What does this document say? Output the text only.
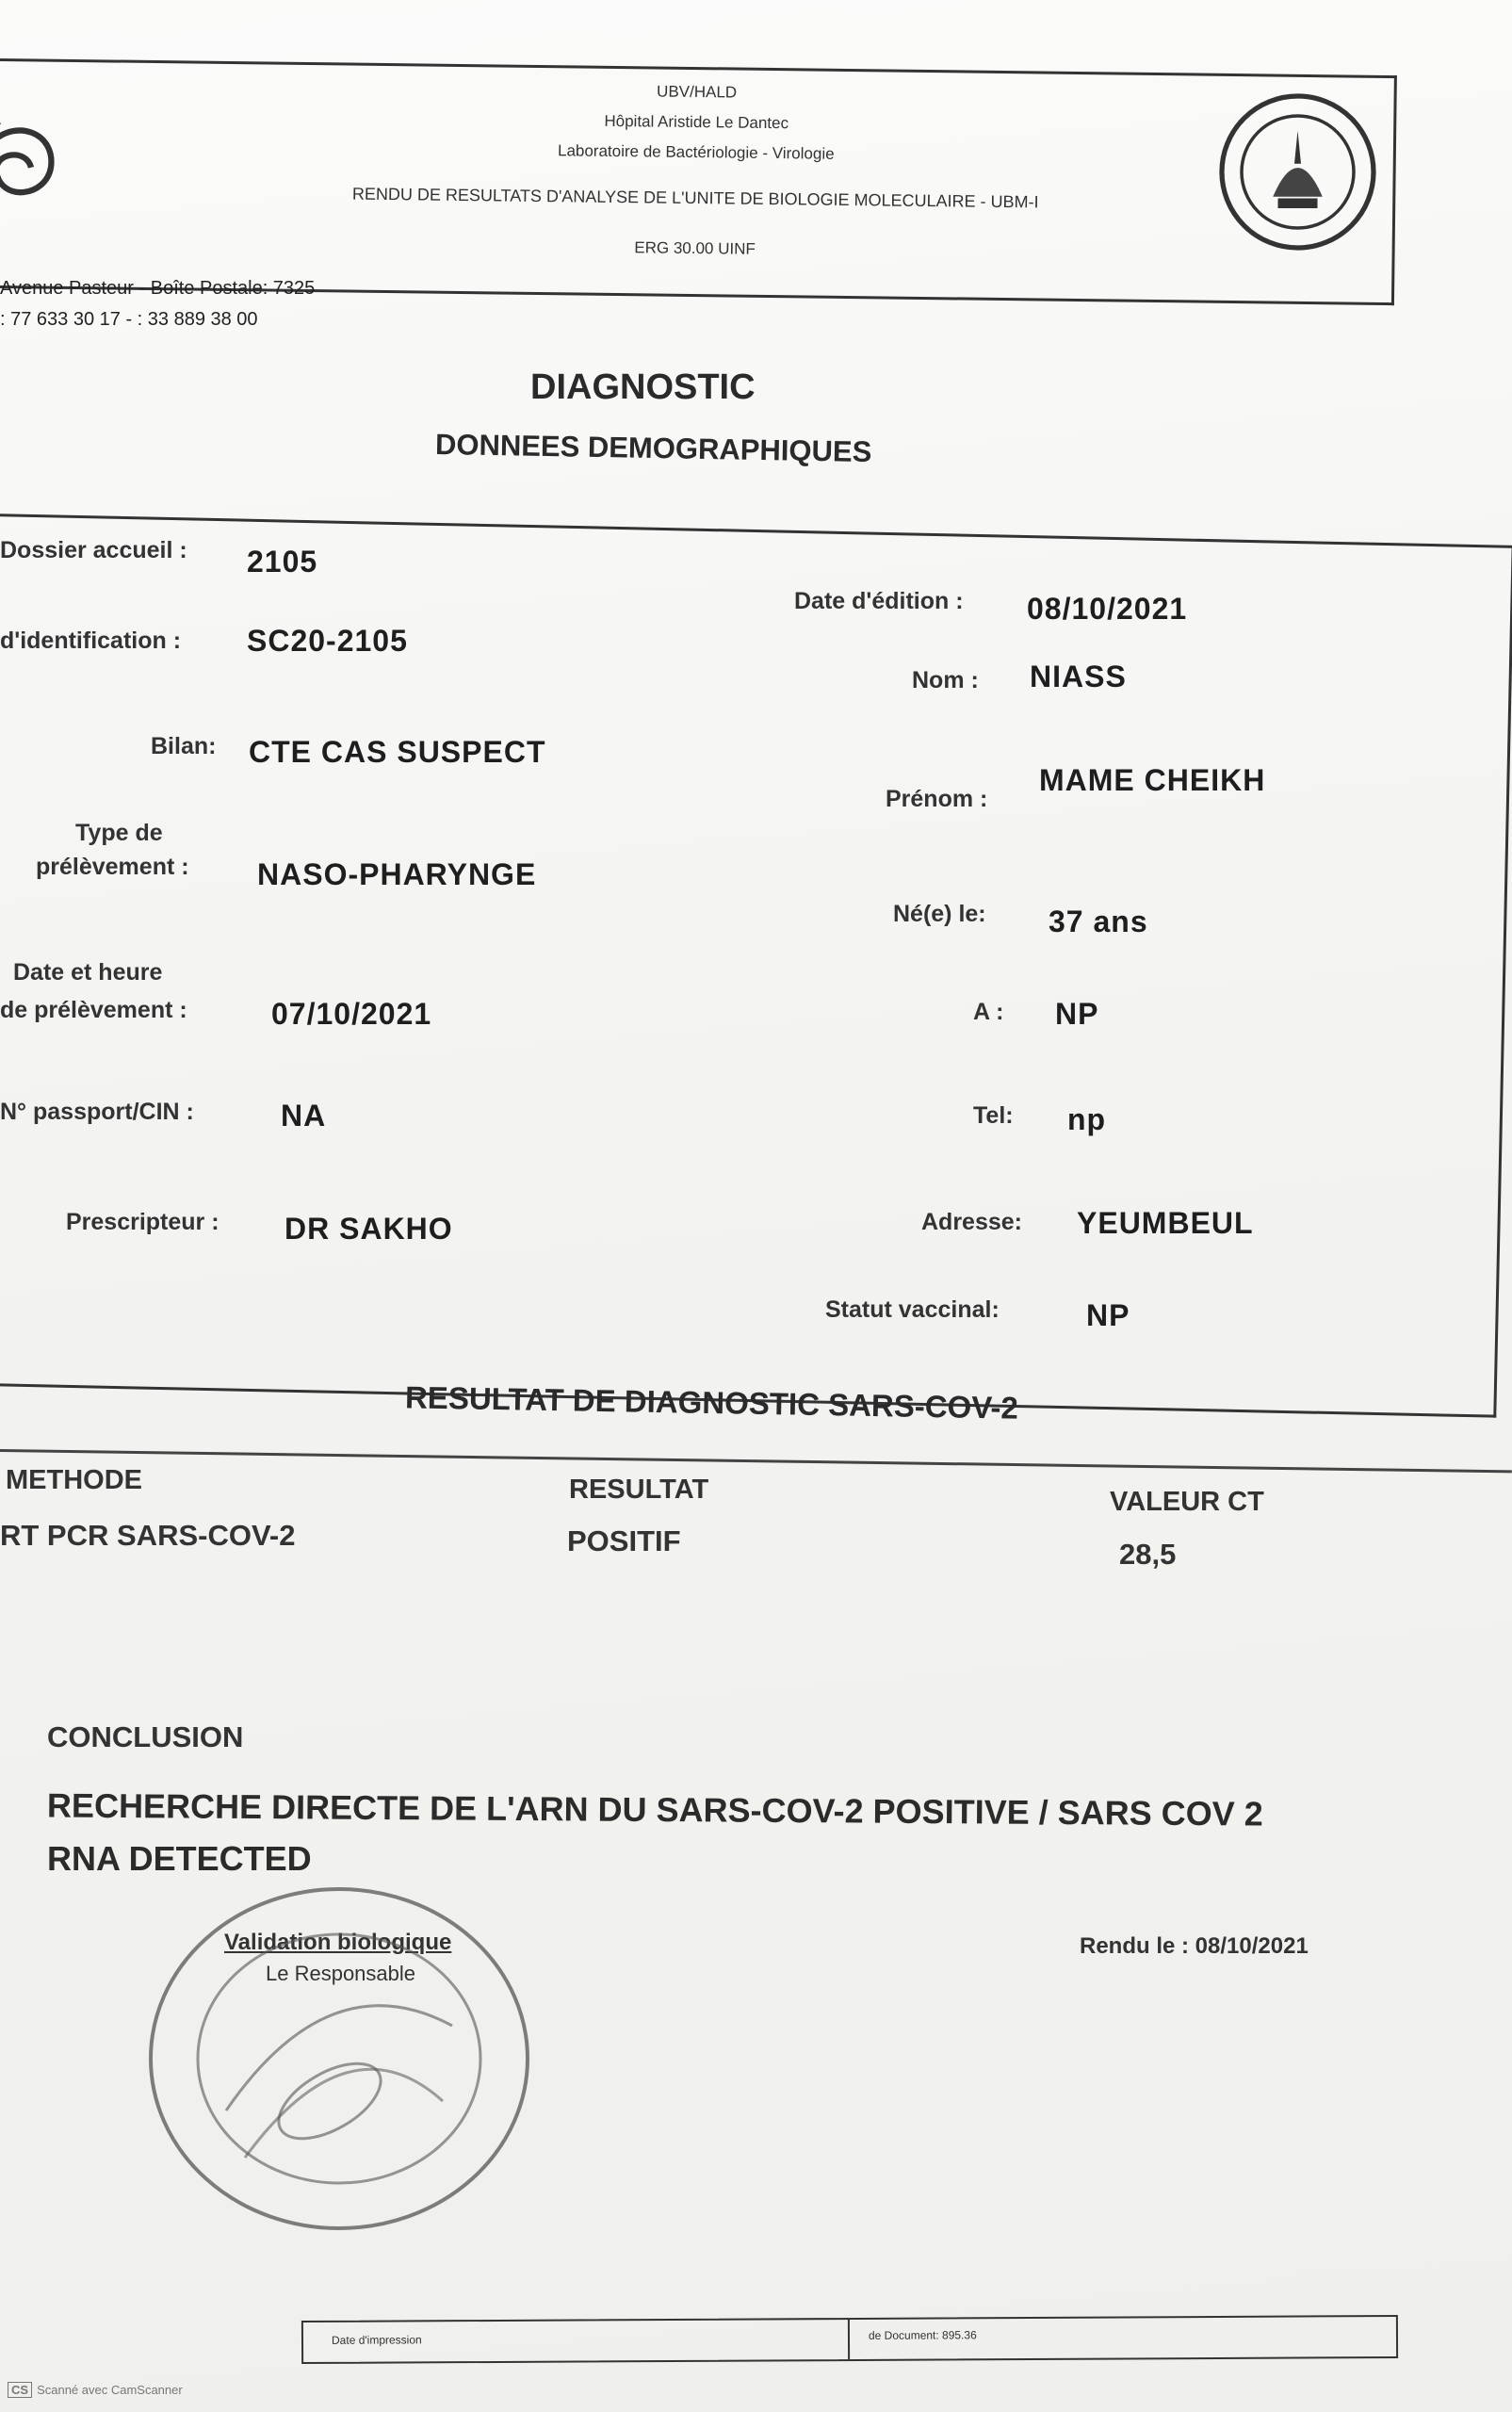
UBV/HALD
Hôpital Aristide Le Dantec
Laboratoire de Bactériologie - Virologie
RENDU DE RESULTATS D'ANALYSE DE L'UNITE DE BIOLOGIE MOLECULAIRE - UBM-I
ERG 30.00 UINF
Avenue Pasteur - Boîte Postale: 7325
: 77 633 30 17 - : 33 889 38 00
DIAGNOSTIC
DONNEES DEMOGRAPHIQUES
Dossier accueil : 2105
d'identification : SC20-2105
Bilan: CTE CAS SUSPECT
Type de
prélèvement : NASO-PHARYNGE
Date et heure
de prélèvement :	07/10/2021
N° passport/CIN :	NA
Prescripteur : DR SAKHO
Date d'édition : 08/10/2021
Nom : NIASS
Prénom :
MAME CHEIKH
Né(e) le: 37 ans
A : NP
Tel: np
Adresse: YEUMBEUL
Statut vaccinal:	NP
RESULTAT DE DIAGNOSTIC SARS-COV-2
METHODE	RESULTAT	VALEUR CT
RT PCR SARS-COV-2	POSITIF	28,5
CONCLUSION
RECHERCHE DIRECTE DE L'ARN DU SARS-COV-2 POSITIVE / SARS COV 2
RNA DETECTED
Validation biologique
Le Responsable
Rendu le : 08/10/2021
Date d'impression	de Document: 895.36
CS Scanné avec CamScanner
